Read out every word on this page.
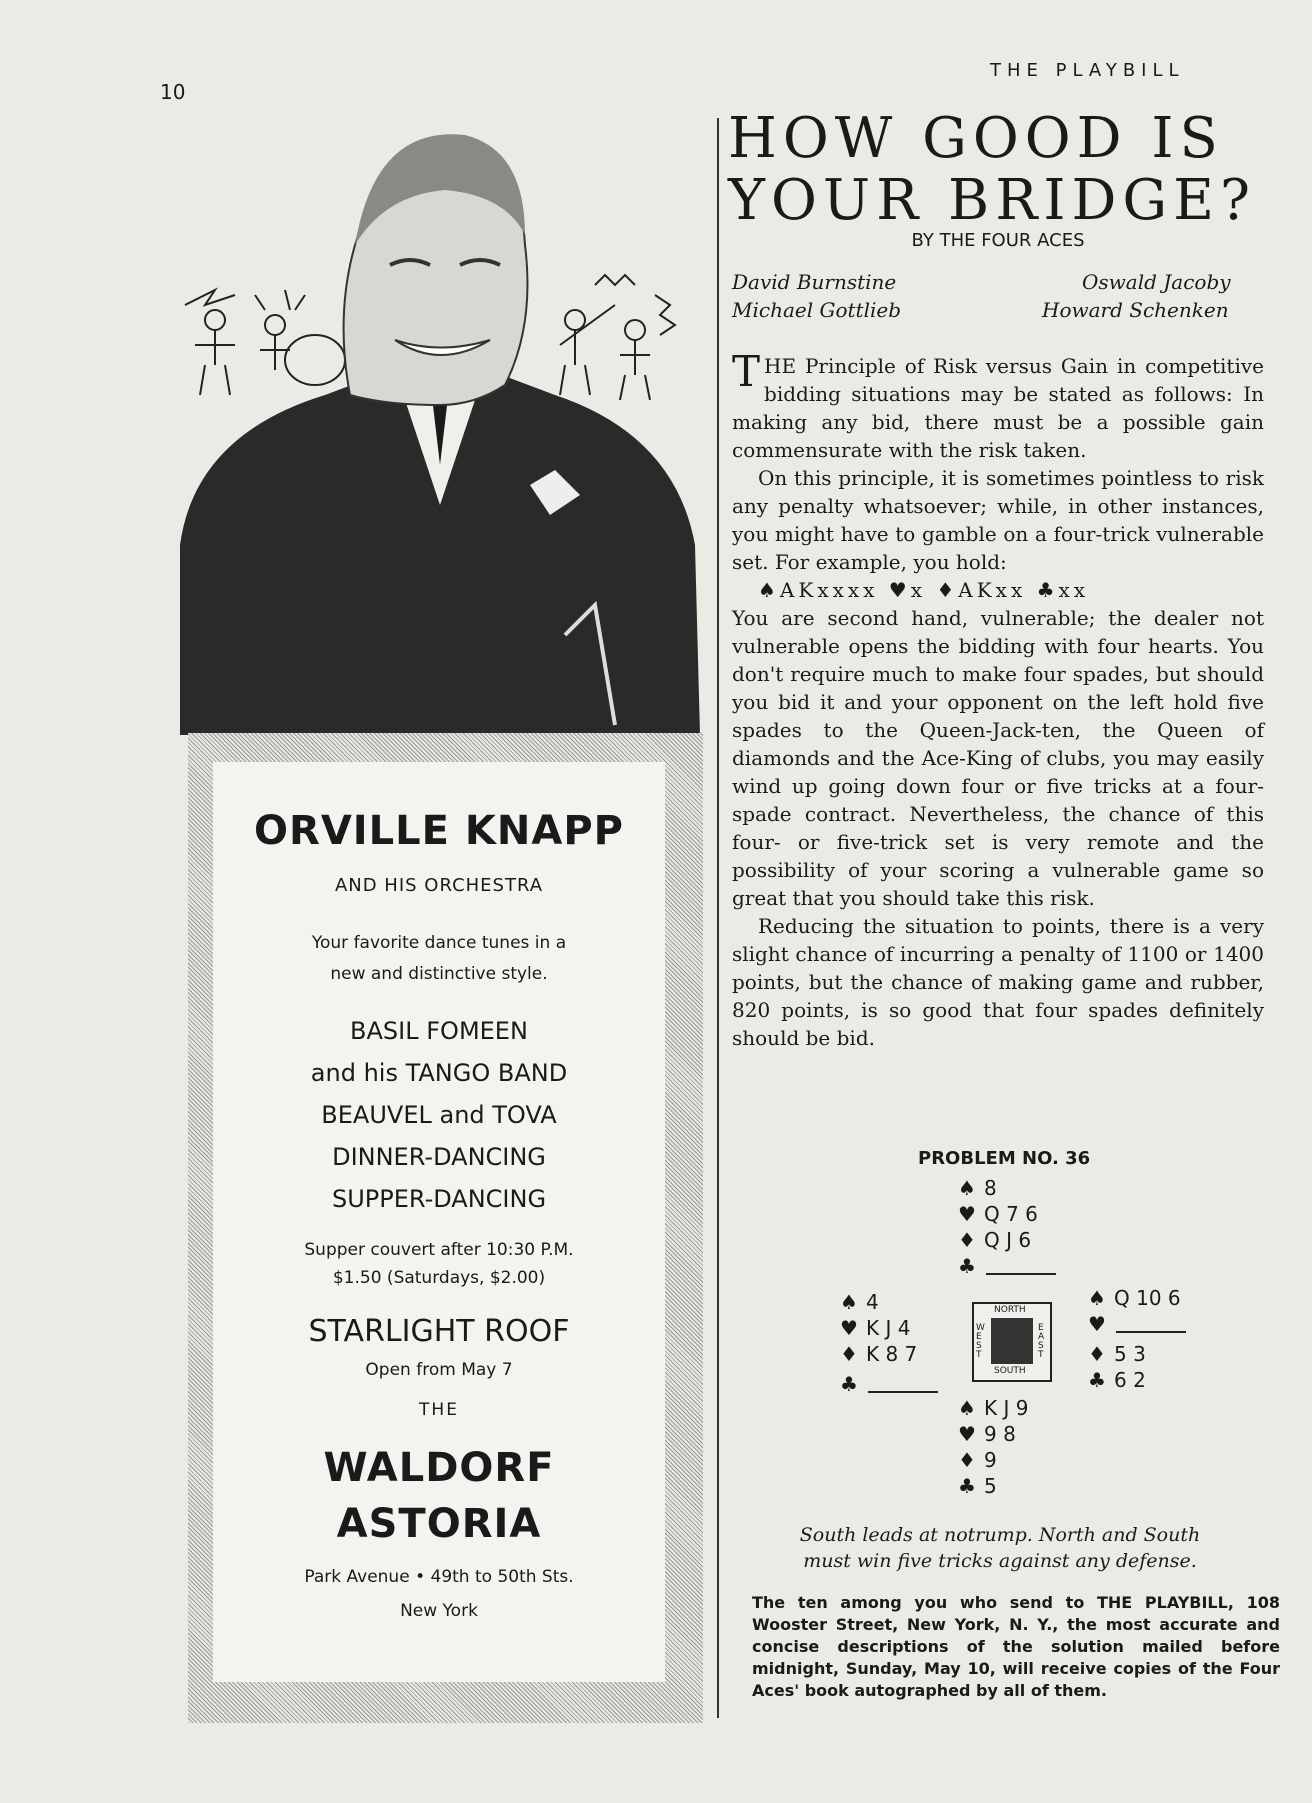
10
THE PLAYBILL
ORVILLE KNAPP
AND HIS ORCHESTRA
Your favorite dance tunes in a
new and distinctive style.
BASIL FOMEEN
and his TANGO BAND
BEAUVEL and TOVA
DINNER-DANCING
SUPPER-DANCING
Supper couvert after 10:30 P.M.
$1.50 (Saturdays, $2.00)
STARLIGHT ROOF
Open from May 7
THE
WALDORF
ASTORIA
Park Avenue • 49th to 50th Sts.
New York
HOW GOOD IS
YOUR BRIDGE?
BY THE FOUR ACES
David Burnstine	Oswald Jacoby
Michael Gottlieb	Howard Schenken

THE Principle of Risk versus Gain in competitive bidding situations may be stated as follows: In making any bid, there must be a possible gain commensurate with the risk taken.

On this principle, it is sometimes pointless to risk any penalty whatsoever; while, in other instances, you might have to gamble on a four-trick vulnerable set. For example, you hold:

♠AKxxxx ♥x ♦AKxx ♣xx

You are second hand, vulnerable; the dealer not vulnerable opens the bidding with four hearts. You don't require much to make four spades, but should you bid it and your opponent on the left hold five spades to the Queen-Jack-ten, the Queen of diamonds and the Ace-King of clubs, you may easily wind up going down four or five tricks at a four-spade contract. Nevertheless, the chance of this four- or five-trick set is very remote and the possibility of your scoring a vulnerable game so great that you should take this risk.

Reducing the situation to points, there is a very slight chance of incurring a penalty of 1100 or 1400 points, but the chance of making game and rubber, 820 points, is so good that four spades definitely should be bid.

PROBLEM NO. 36
♠ 8
♥ Q 7 6
♦ Q J 6
♣
♠ 4
♥ K J 4
♦ K 8 7
♣
NORTH
SOUTH
WEST
EAST
♠ Q 10 6
♥
♦ 5 3
♣ 6 2
♠ K J 9
♥ 9 8
♦ 9
♣ 5
South leads at notrump. North and South
must win five tricks against any defense.
The ten among you who send to THE PLAYBILL, 108 Wooster Street, New York, N. Y., the most accurate and concise descriptions of the solution mailed before midnight, Sunday, May 10, will receive copies of the Four Aces' book autographed by all of them.
